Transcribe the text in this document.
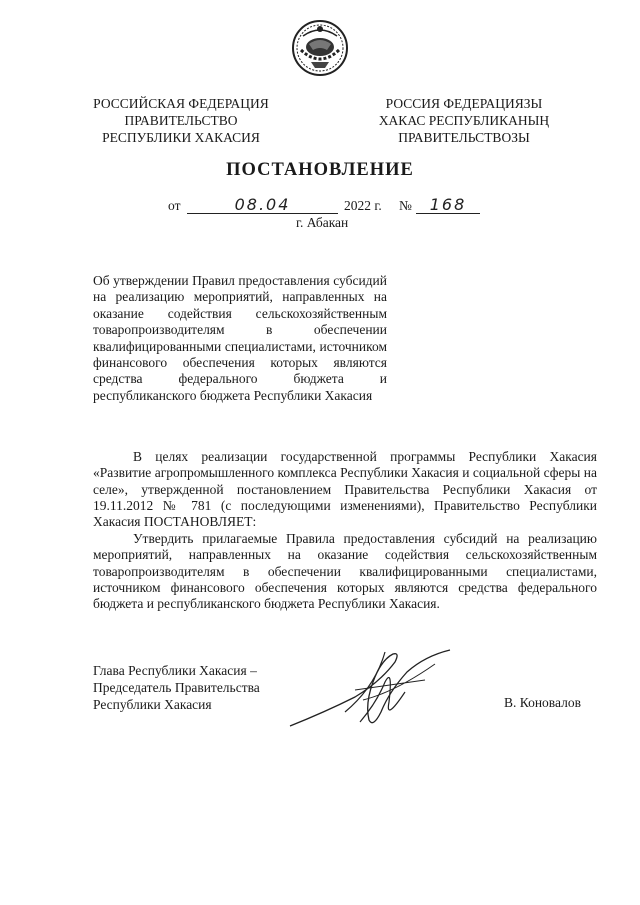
РОССИЙСКАЯ ФЕДЕРАЦИЯ
ПРАВИТЕЛЬСТВО
РЕСПУБЛИКИ ХАКАСИЯ
РОССИЯ ФЕДЕРАЦИЯЗЫ
ХАКАС РЕСПУБЛИКАНЫҢ
ПРАВИТЕЛЬСТВОЗЫ
ПОСТАНОВЛЕНИЕ
от	08.04	2022 г. №	168
г. Абакан
Об утверждении Правил предоставления субсидий на реализацию мероприятий, направленных на оказание содействия сельскохозяйственным товаропроизводителям в обеспечении квалифицированными специалистами, источником финансового обеспечения которых являются средства федерального бюджета и республиканского бюджета Республики Хакасия
В целях реализации государственной программы Республики Хакасия «Развитие агропромышленного комплекса Республики Хакасия и социальной сферы на селе», утвержденной постановлением Правительства Республики Хакасия от 19.11.2012 № 781 (с последующими изменениями), Правительство Республики Хакасия ПОСТАНОВЛЯЕТ:
Утвердить прилагаемые Правила предоставления субсидий на реализацию мероприятий, направленных на оказание содействия сельскохозяйственным товаропроизводителям в обеспечении квалифицированными специалистами, источником финансового обеспечения которых являются средства федерального бюджета и республиканского бюджета Республики Хакасия.
Глава Республики Хакасия –
Председатель Правительства
Республики Хакасия	В. Коновалов
